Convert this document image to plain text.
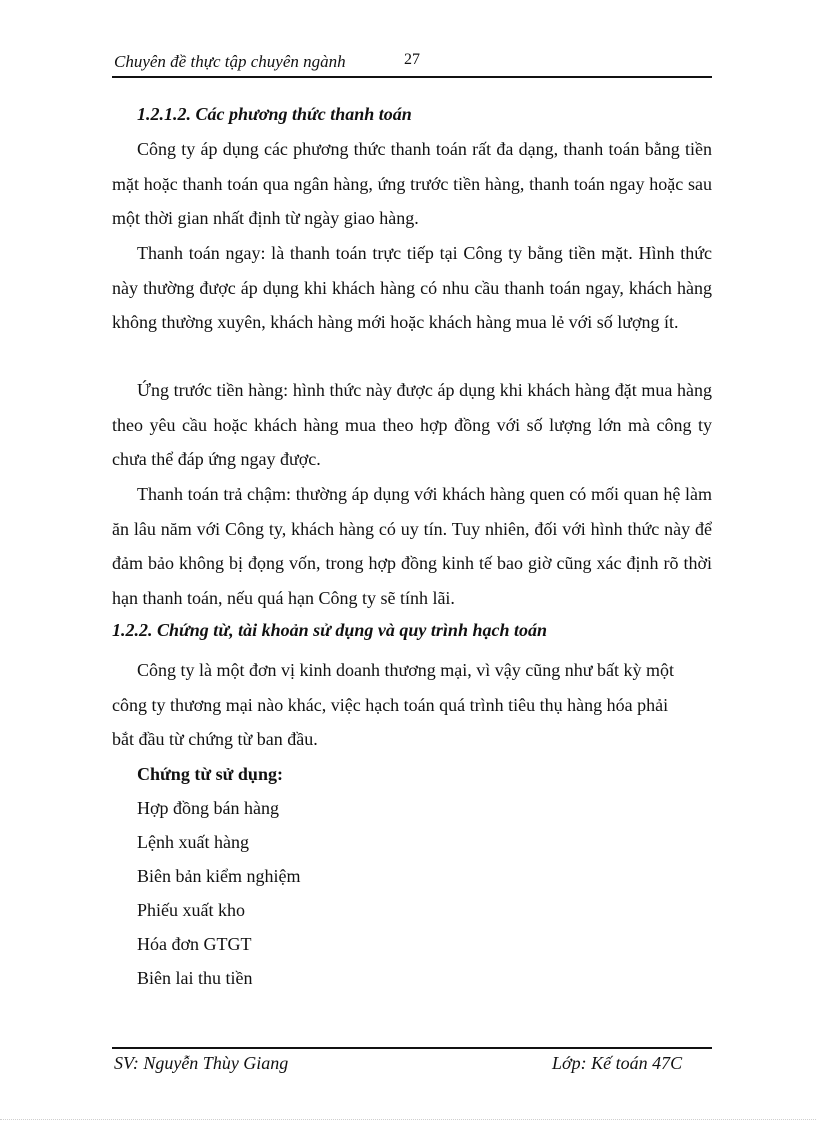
Chuyên đề thực tập chuyên ngành	27
1.2.1.2. Các phương thức thanh toán
Công ty áp dụng các phương thức thanh toán rất đa dạng, thanh toán bằng tiền mặt hoặc thanh toán qua ngân hàng, ứng trước tiền hàng, thanh toán ngay hoặc sau một thời gian nhất định từ ngày giao hàng.
Thanh toán ngay: là thanh toán trực tiếp tại Công ty bằng tiền mặt. Hình thức này thường được áp dụng khi khách hàng có nhu cầu thanh toán ngay, khách hàng không thường xuyên, khách hàng mới hoặc khách hàng mua lẻ với số lượng ít.
Ứng trước tiền hàng: hình thức này được áp dụng khi khách hàng đặt mua hàng theo yêu cầu hoặc khách hàng mua theo hợp đồng với số lượng lớn mà công ty chưa thể đáp ứng ngay được.
Thanh toán trả chậm: thường áp dụng với khách hàng quen có mối quan hệ làm ăn lâu năm với Công ty, khách hàng có uy tín. Tuy nhiên, đối với hình thức này để đảm bảo không bị đọng vốn, trong hợp đồng kinh tế bao giờ cũng xác định rõ thời hạn thanh toán, nếu quá hạn Công ty sẽ tính lãi.
1.2.2. Chứng từ, tài khoản sử dụng và quy trình hạch toán
Công ty là một đơn vị kinh doanh thương mại, vì vậy cũng như bất kỳ một công ty thương mại nào khác, việc hạch toán quá trình tiêu thụ hàng hóa phải bắt đầu từ chứng từ ban đầu.
Chứng từ sử dụng:
Hợp đồng bán hàng
Lệnh xuất hàng
Biên bản kiểm nghiệm
Phiếu xuất kho
Hóa đơn GTGT
Biên lai thu tiền
SV: Nguyễn Thùy Giang	Lớp: Kế toán 47C
